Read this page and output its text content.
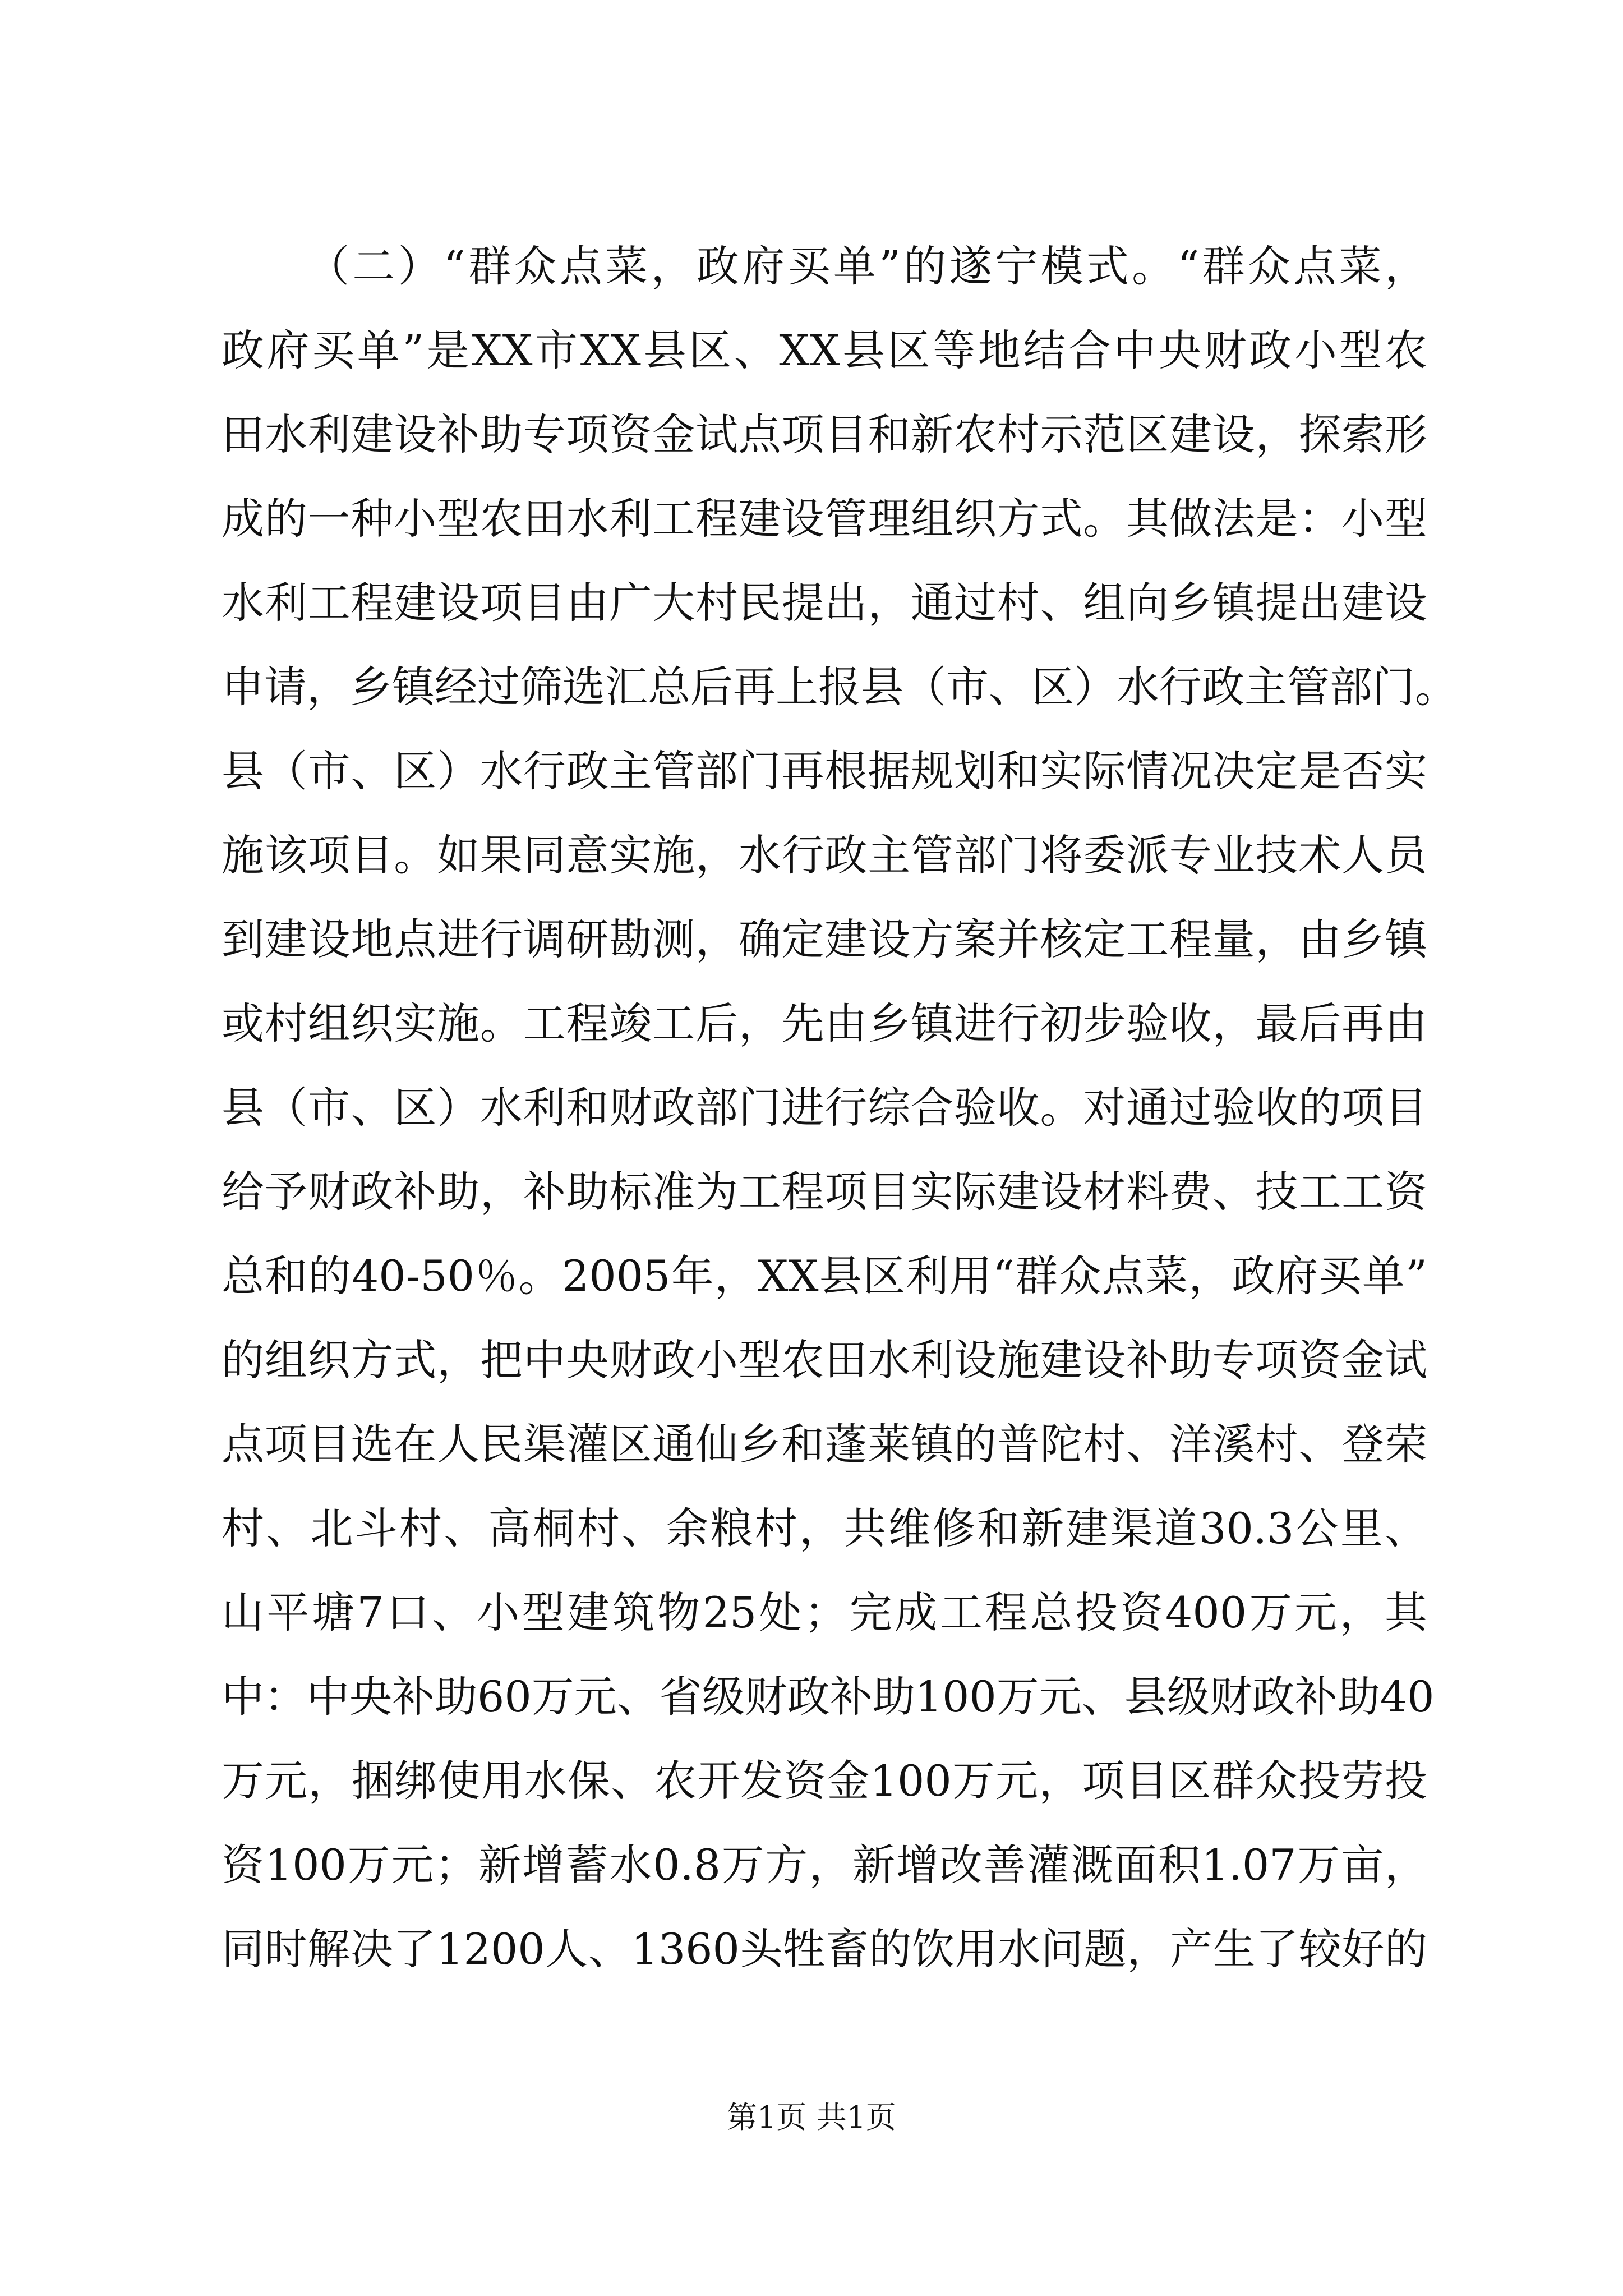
（二）“群众点菜，政府买单”的遂宁模式。“群众点菜，
政府买单”是XX市XX县区、XX县区等地结合中央财政小型农
田水利建设补助专项资金试点项目和新农村示范区建设，探索形
成的一种小型农田水利工程建设管理组织方式。其做法是：小型
水利工程建设项目由广大村民提出，通过村、组向乡镇提出建设
申请，乡镇经过筛选汇总后再上报县（市、区）水行政主管部门。
县（市、区）水行政主管部门再根据规划和实际情况决定是否实
施该项目。如果同意实施，水行政主管部门将委派专业技术人员
到建设地点进行调研勘测，确定建设方案并核定工程量，由乡镇
或村组织实施。工程竣工后，先由乡镇进行初步验收，最后再由
县（市、区）水利和财政部门进行综合验收。对通过验收的项目
给予财政补助，补助标准为工程项目实际建设材料费、技工工资
总和的40-50％。2005年，XX县区利用“群众点菜，政府买单”
的组织方式，把中央财政小型农田水利设施建设补助专项资金试
点项目选在人民渠灌区通仙乡和蓬莱镇的普陀村、洋溪村、登荣
村、北斗村、高桐村、余粮村，共维修和新建渠道30.3公里、
山平塘7口、小型建筑物25处；完成工程总投资400万元，其
中：中央补助60万元、省级财政补助100万元、县级财政补助40
万元，捆绑使用水保、农开发资金100万元，项目区群众投劳投
资100万元；新增蓄水0.8万方，新增改善灌溉面积1.07万亩，
同时解决了1200人、1360头牲畜的饮用水问题，产生了较好的
第1页 共1页
